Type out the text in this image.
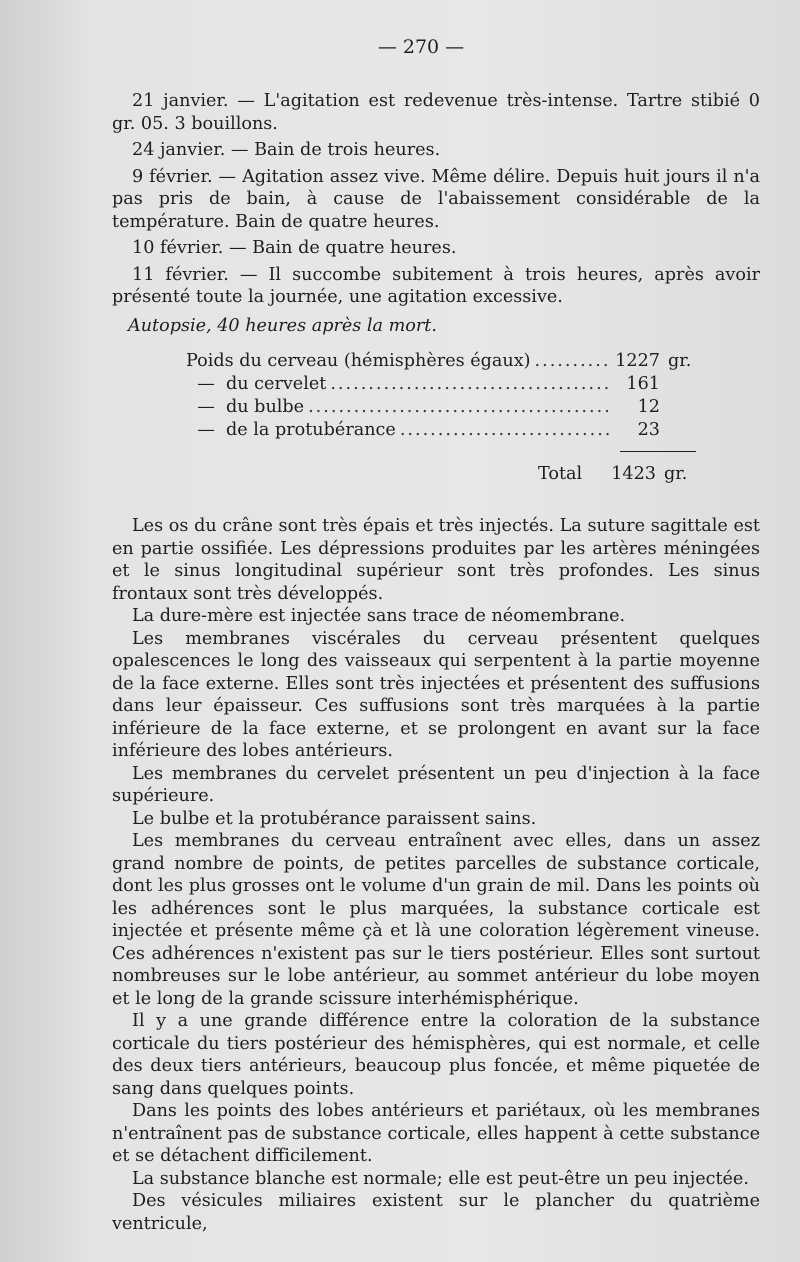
— 270 —

21 janvier. — L'agitation est redevenue très-intense. Tartre stibié 0 gr. 05. 3 bouillons.

24 janvier. — Bain de trois heures.

9 février. — Agitation assez vive. Même délire. Depuis huit jours il n'a pas pris de bain, à cause de l'abaissement considérable de la température. Bain de quatre heures.

10 février. — Bain de quatre heures.

11 février. — Il succombe subitement à trois heures, après avoir présenté toute la journée, une agitation excessive.

Autopsie, 40 heures après la mort.

Poids du cerveau (hémisphères égaux) .....	1227 gr.
— du cervelet .....	161
— du bulbe .....	12
— de la protubérance .....	23
Total	1423 gr.

Les os du crâne sont très épais et très injectés. La suture sagittale est en partie ossifiée. Les dépressions produites par les artères méningées et le sinus longitudinal supérieur sont très profondes. Les sinus frontaux sont très développés.

La dure-mère est injectée sans trace de néomembrane.

Les membranes viscérales du cerveau présentent quelques opalescences le long des vaisseaux qui serpentent à la partie moyenne de la face externe. Elles sont très injectées et présentent des suffusions dans leur épaisseur. Ces suffusions sont très marquées à la partie inférieure de la face externe, et se prolongent en avant sur la face inférieure des lobes antérieurs.

Les membranes du cervelet présentent un peu d'injection à la face supérieure.

Le bulbe et la protubérance paraissent sains.

Les membranes du cerveau entraînent avec elles, dans un assez grand nombre de points, de petites parcelles de substance corticale, dont les plus grosses ont le volume d'un grain de mil. Dans les points où les adhérences sont le plus marquées, la substance corticale est injectée et présente même çà et là une coloration légèrement vineuse. Ces adhérences n'existent pas sur le tiers postérieur. Elles sont surtout nombreuses sur le lobe antérieur, au sommet antérieur du lobe moyen et le long de la grande scissure interhémisphérique.

Il y a une grande différence entre la coloration de la substance corticale du tiers postérieur des hémisphères, qui est normale, et celle des deux tiers antérieurs, beaucoup plus foncée, et même piquetée de sang dans quelques points.

Dans les points des lobes antérieurs et pariétaux, où les membranes n'entraînent pas de substance corticale, elles happent à cette substance et se détachent difficilement.

La substance blanche est normale; elle est peut-être un peu injectée.

Des vésicules miliaires existent sur le plancher du quatrième ventricule,
